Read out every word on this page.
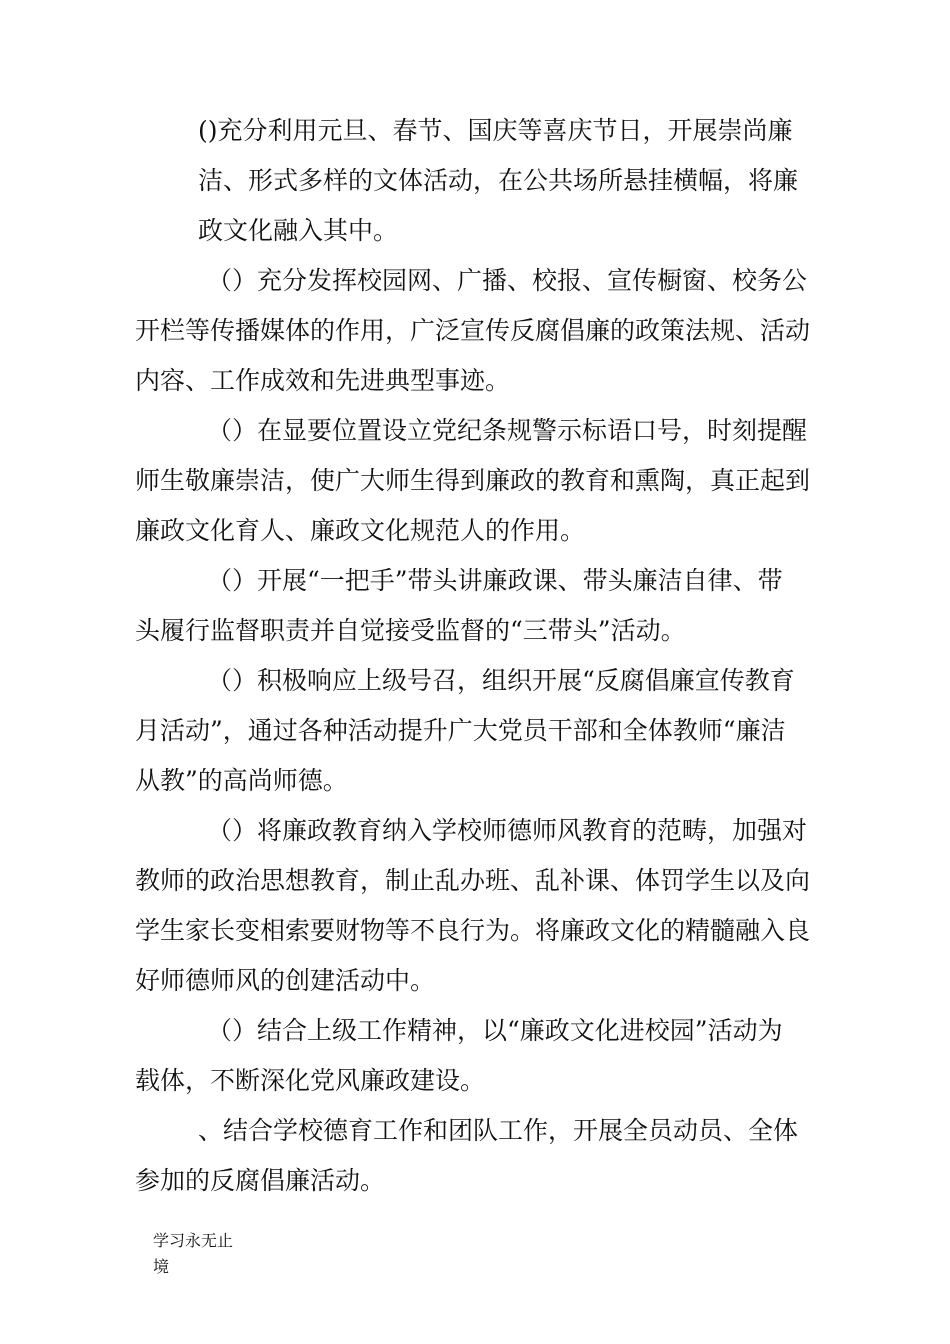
()充分利用元旦、春节、国庆等喜庆节日，开展崇尚廉
洁、形式多样的文体活动，在公共场所悬挂横幅，将廉
政文化融入其中。
（）充分发挥校园网、广播、校报、宣传橱窗、校务公
开栏等传播媒体的作用，广泛宣传反腐倡廉的政策法规、活动
内容、工作成效和先进典型事迹。
（）在显要位置设立党纪条规警示标语口号，时刻提醒
师生敬廉崇洁，使广大师生得到廉政的教育和熏陶，真正起到
廉政文化育人、廉政文化规范人的作用。
（）开展“一把手”带头讲廉政课、带头廉洁自律、带
头履行监督职责并自觉接受监督的“三带头”活动。
（）积极响应上级号召，组织开展“反腐倡廉宣传教育
月活动”，通过各种活动提升广大党员干部和全体教师“廉洁
从教”的高尚师德。
（）将廉政教育纳入学校师德师风教育的范畴，加强对
教师的政治思想教育，制止乱办班、乱补课、体罚学生以及向
学生家长变相索要财物等不良行为。将廉政文化的精髓融入良
好师德师风的创建活动中。
（）结合上级工作精神，以“廉政文化进校园”活动为
载体，不断深化党风廉政建设。
、结合学校德育工作和团队工作，开展全员动员、全体
参加的反腐倡廉活动。
学习永无止
境
